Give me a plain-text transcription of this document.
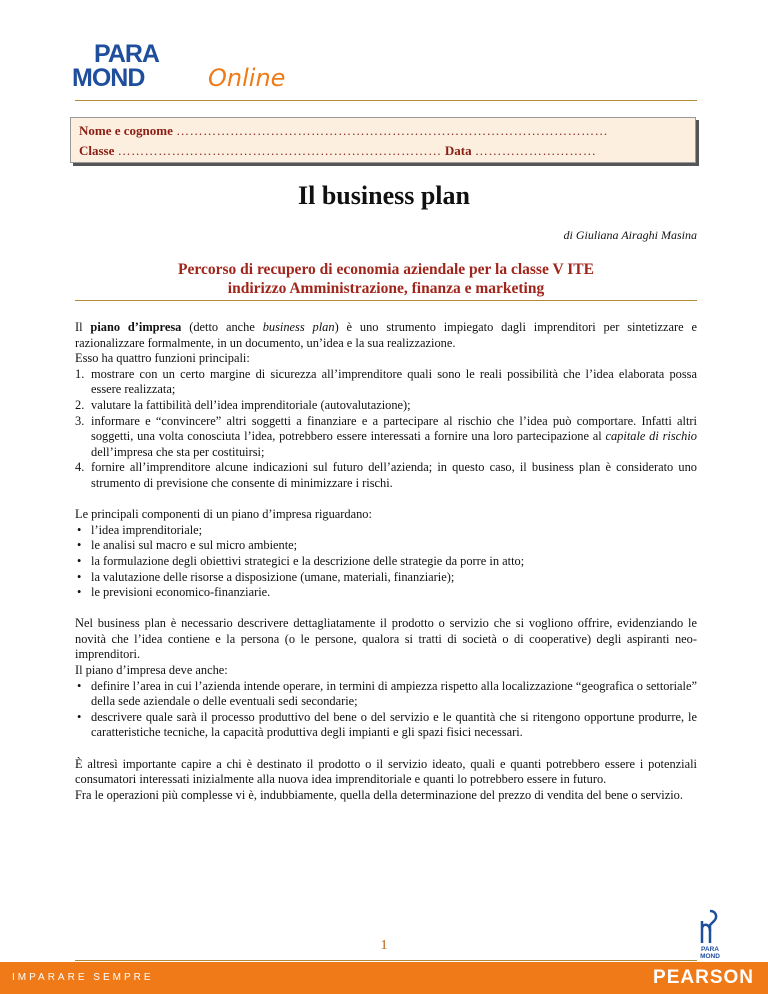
PARA
MOND	Online
Nome e cognome ……………………………………………………………………………………
Classe ……………………………………………………………… Data ………………………
Il business plan
di Giuliana Airaghi Masina
Percorso di recupero di economia aziendale per la classe V ITE
indirizzo Amministrazione, finanza e marketing

Il piano d’impresa (detto anche business plan) è uno strumento impiegato dagli imprenditori per sintetizzare e razionalizzare formalmente, in un documento, un’idea e la sua realizzazione.

Esso ha quattro funzioni principali:

1. mostrare con un certo margine di sicurezza all’imprenditore quali sono le reali possibilità che l’idea elaborata possa essere realizzata;
2. valutare la fattibilità dell’idea imprenditoriale (autovalutazione);
3. informare e “convincere” altri soggetti a finanziare e a partecipare al rischio che l’idea può comportare. Infatti altri soggetti, una volta conosciuta l’idea, potrebbero essere interessati a fornire una loro partecipazione al capitale di rischio dell’impresa che sta per costituirsi;
4. fornire all’imprenditore alcune indicazioni sul futuro dell’azienda; in questo caso, il business plan è considerato uno strumento di previsione che consente di minimizzare i rischi.

Le principali componenti di un piano d’impresa riguardano:

• l’idea imprenditoriale;
• le analisi sul macro e sul micro ambiente;
• la formulazione degli obiettivi strategici e la descrizione delle strategie da porre in atto;
• la valutazione delle risorse a disposizione (umane, materiali, finanziarie);
• le previsioni economico-finanziarie.

Nel business plan è necessario descrivere dettagliatamente il prodotto o servizio che si vogliono offrire, evidenziando le novità che l’idea contiene e la persona (o le persone, qualora si tratti di società o di cooperative) degli aspiranti neo-imprenditori.

Il piano d’impresa deve anche:

• definire l’area in cui l’azienda intende operare, in termini di ampiezza rispetto alla localizzazione “geografica o settoriale” della sede aziendale o delle eventuali sedi secondarie;
• descrivere quale sarà il processo produttivo del bene o del servizio e le quantità che si ritengono opportune produrre, le caratteristiche tecniche, la capacità produttiva degli impianti e gli spazi fisici necessari.

È altresì importante capire a chi è destinato il prodotto o il servizio ideato, quali e quanti potrebbero essere i potenziali consumatori interessati inizialmente alla nuova idea imprenditoriale e quanti lo potrebbero essere in futuro.

Fra le operazioni più complesse vi è, indubbiamente, quella della determinazione del prezzo di vendita del bene o servizio.

1	PARA
MOND
IMPARARE SEMPRE	PEARSON
